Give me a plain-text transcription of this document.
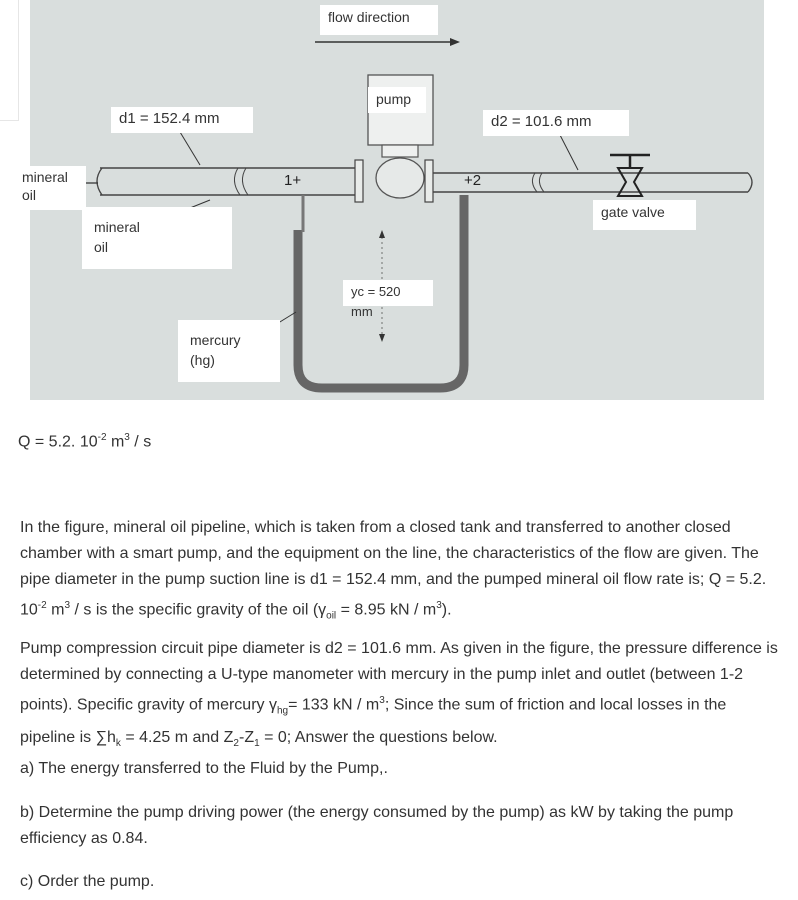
1+	+2
flow direction
pump
d1 = 152.4 mm	d2 = 101.6 mm
mineral
oil
gate valve
mineral
oil
yc = 520 mm
mercury
(hg)
Q = 5.2. $10^{-2}$ $m^3$ / s
In the figure, mineral oil pipeline, which is taken from a closed tank and transferred to another closed chamber with a smart pump, and the equipment on the line, the characteristics of the flow are given. The pipe diameter in the pump suction line is d1 = 152.4 mm, and the pumped mineral oil flow rate is; Q = 5.2. $10^{-2}$ $m^3$ / s is the specific gravity of the oil ($\gamma_{oil} = 8.95$ kN / $m^3$).
Pump compression circuit pipe diameter is d2 = 101.6 mm. As given in the figure, the pressure difference is determined by connecting a U-type manometer with mercury in the pump inlet and outlet (between 1-2 points). Specific gravity of mercury $\gamma_{hg}= 133$ kN / $m^3$; Since the sum of friction and local losses in the pipeline is $\sum h_k = 4.25$ m and $Z_2-Z_1 = 0$; Answer the questions below.
a) The energy transferred to the Fluid by the Pump,.
b) Determine the pump driving power (the energy consumed by the pump) as kW by taking the pump efficiency as 0.84.
c) Order the pump.
